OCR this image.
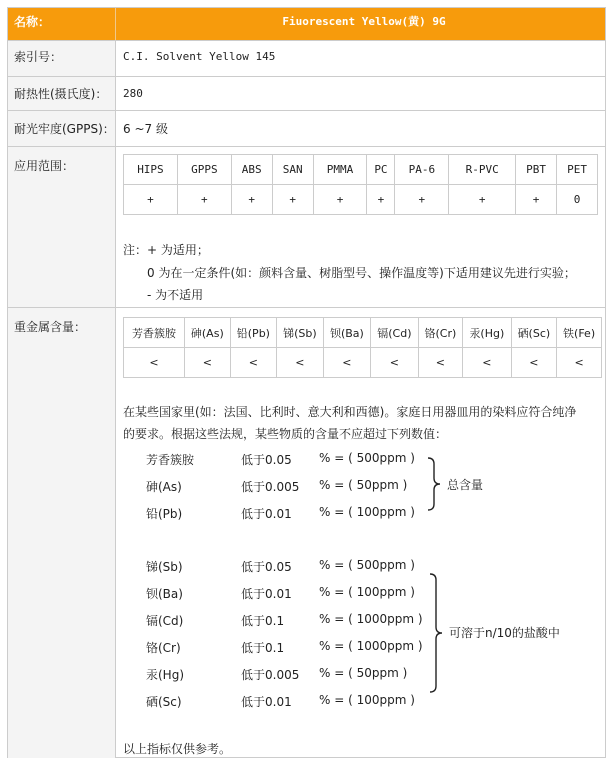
名称：	Fiuorescent Yellow(黄) 9G
索引号：	C.I. Solvent Yellow 145
耐热性(摄氏度)：	280
耐光牢度(GPPS)： 6 ~7 级
应用范围：	HIPS	GPPS	ABS	SAN	PMMA	PC	PA-6	R-PVC	PBT	PET
+	+	+	+	+	+	+	+	+	0
注：+ 为适用；
0 为在一定条件(如：颜料含量、树脂型号、操作温度等)下适用建议先进行实验；
- 为不适用
重金属含量：	芳香簇胺	砷(As)	铅(Pb)	锑(Sb)	钡(Ba)	镉(Cd)	铬(Cr)	汞(Hg)	硒(Sc)	铁(Fe)
<	<	<	<	<	<	<	<	<	<
在某些国家里(如：法国、比利时、意大利和西德)。家庭日用器皿用的染料应符合纯净
的要求。根据这些法规，某些物质的含量不应超过下列数值：
芳香簇胺	低于0.05 % = ( 500ppm )
砷(As)	低于0.005 % = ( 50ppm )
铅(Pb)	低于0.01 % = ( 100ppm )
总含量
锑(Sb)	低于0.05 % = ( 500ppm )
钡(Ba)	低于0.01 % = ( 100ppm )
镉(Cd)	低于0.1	% = ( 1000ppm )
铬(Cr)	低于0.1	% = ( 1000ppm )
汞(Hg)	低于0.005 % = ( 50ppm )
硒(Sc)	低于0.01 % = ( 100ppm )
可溶于n/10的盐酸中
以上指标仅供参考。
